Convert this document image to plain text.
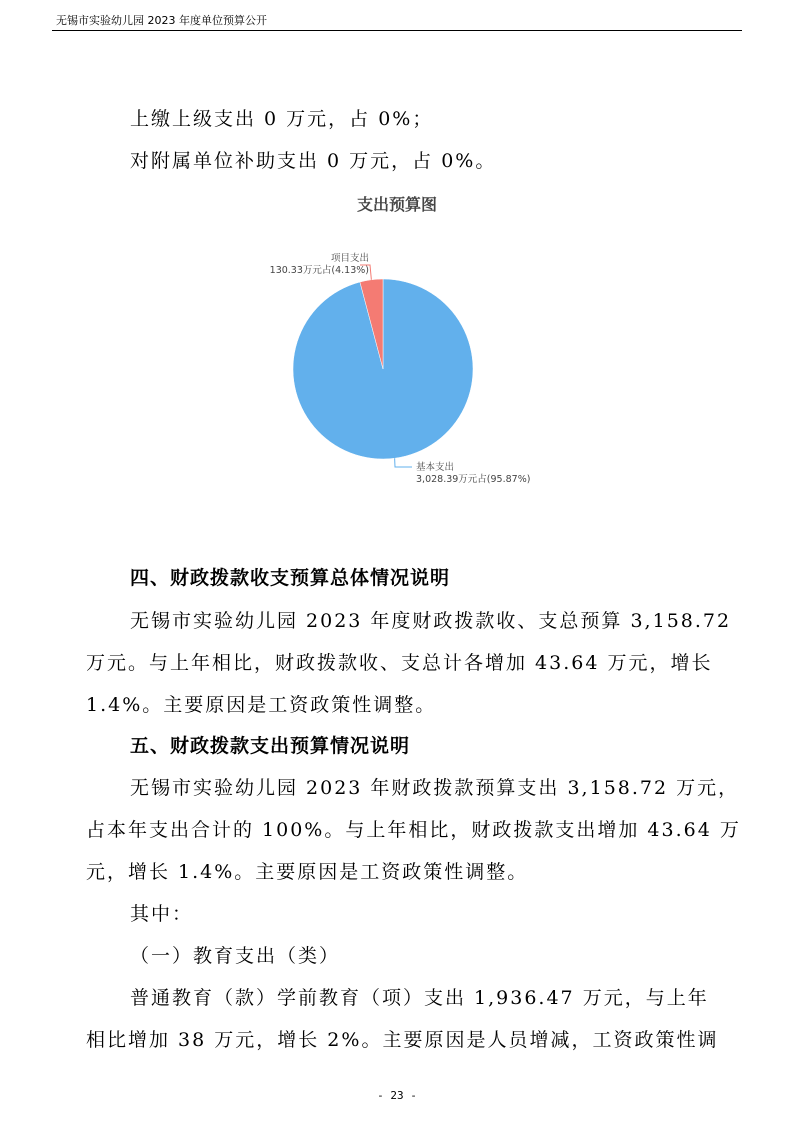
无锡市实验幼儿园 2023 年度单位预算公开
上缴上级支出 0 万元，占 0%；
对附属单位补助支出 0 万元，占 0%。
支出预算图
项目支出
130.33万元占(4.13%)
基本支出
3,028.39万元占(95.87%)
四、财政拨款收支预算总体情况说明
无锡市实验幼儿园 2023 年度财政拨款收、支总预算 3,158.72
万元。与上年相比，财政拨款收、支总计各增加 43.64 万元，增长
1.4%。主要原因是工资政策性调整。
五、财政拨款支出预算情况说明
无锡市实验幼儿园 2023 年财政拨款预算支出 3,158.72 万元，
占本年支出合计的 100%。与上年相比，财政拨款支出增加 43.64 万
元，增长 1.4%。主要原因是工资政策性调整。
其中：
（一）教育支出（类）
普通教育（款）学前教育（项）支出 1,936.47 万元，与上年
相比增加 38 万元，增长 2%。主要原因是人员增减，工资政策性调
- 23 -
